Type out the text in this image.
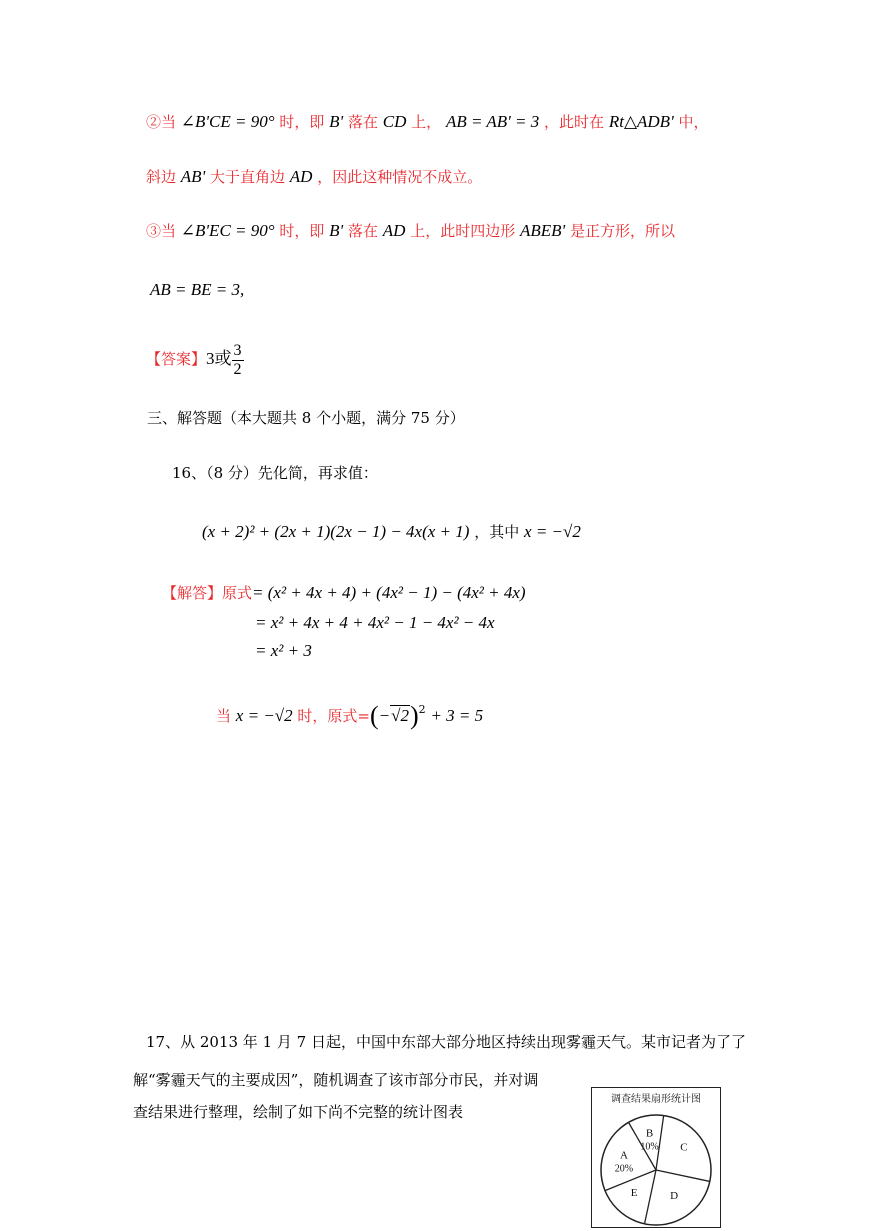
②当 ∠B'CE = 90° 时，即 B' 落在 CD 上， AB = AB' = 3 ，此时在 Rt△ADB' 中，
斜边 AB' 大于直角边 AD ，因此这种情况不成立。
③当 ∠B'EC = 90° 时，即 B' 落在 AD 上，此时四边形 ABEB' 是正方形，所以
AB = BE = 3,
【答案】3或 $\frac{3}{2}$
三、解答题（本大题共 8 个小题，满分 75 分）
16、（8 分）先化简，再求值：
(x + 2)² + (2x + 1)(2x − 1) − 4x(x + 1) ，其中 x = −√2
【解答】原式= (x² + 4x + 4) + (4x² − 1) − (4x² + 4x)
= x² + 4x + 4 + 4x² − 1 − 4x² − 4x
= x² + 3
当 x = −√2 时，原式$=(-√2)^2 + 3 = 5$
17、从 2013 年 1 月 7 日起，中国中东部大部分地区持续出现雾霾天气。某市记者为了了
解“雾霾天气的主要成因”，随机调查了该市部分市民，并对调
查结果进行整理，绘制了如下尚不完整的统计图表
调查结果扇形统计图
A
20%
B
10% C
D
E
